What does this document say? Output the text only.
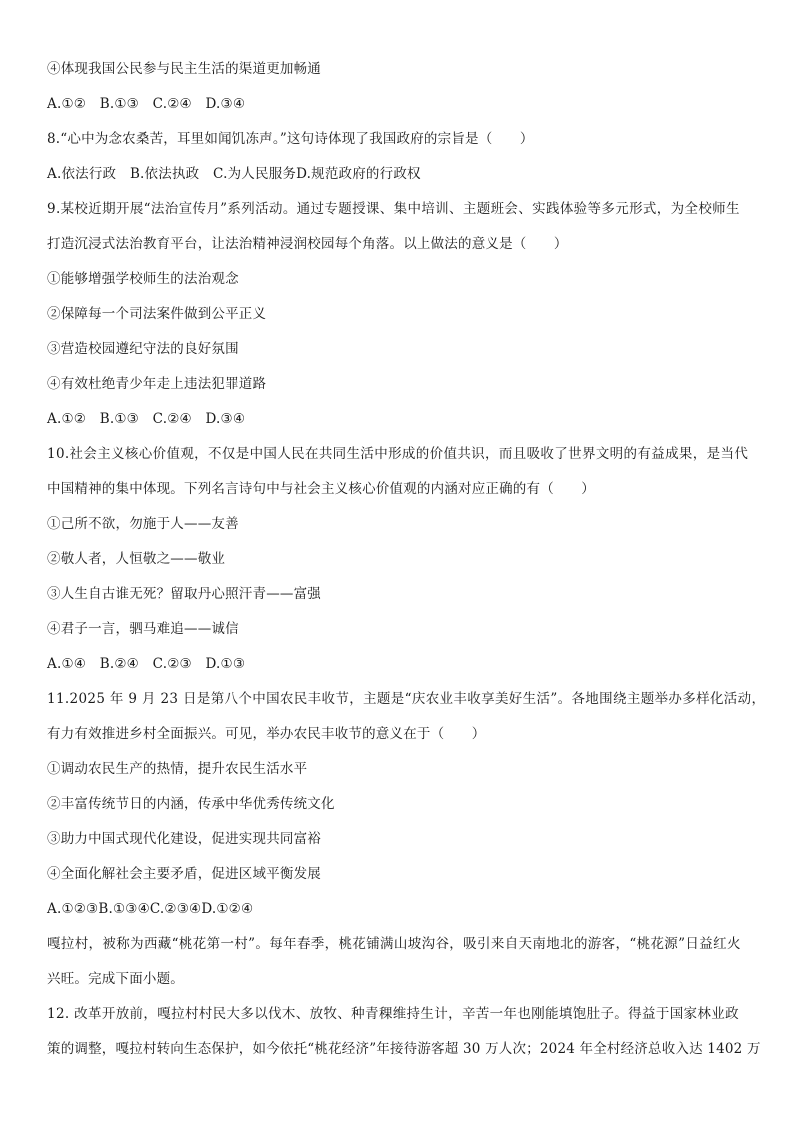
④体现我国公民参与民主生活的渠道更加畅通
A.①②　B.①③　C.②④　D.③④
8.“心中为念农桑苦，耳里如闻饥冻声。”这句诗体现了我国政府的宗旨是（　　）
A.依法行政　B.依法执政　C.为人民服务D.规范政府的行政权
9.某校近期开展“法治宣传月”系列活动。通过专题授课、集中培训、主题班会、实践体验等多元形式，为全校师生
打造沉浸式法治教育平台，让法治精神浸润校园每个角落。以上做法的意义是（　　）
①能够增强学校师生的法治观念
②保障每一个司法案件做到公平正义
③营造校园遵纪守法的良好氛围
④有效杜绝青少年走上违法犯罪道路
A.①②　B.①③　C.②④　D.③④
10.社会主义核心价值观，不仅是中国人民在共同生活中形成的价值共识，而且吸收了世界文明的有益成果，是当代
中国精神的集中体现。下列名言诗句中与社会主义核心价值观的内涵对应正确的有（　　）
①己所不欲，勿施于人——友善
②敬人者，人恒敬之——敬业
③人生自古谁无死？留取丹心照汗青——富强
④君子一言，驷马难追——诚信
A.①④　B.②④　C.②③　D.①③
11.2025 年 9 月 23 日是第八个中国农民丰收节，主题是“庆农业丰收享美好生活”。各地围绕主题举办多样化活动，
有力有效推进乡村全面振兴。可见，举办农民丰收节的意义在于（　　）
①调动农民生产的热情，提升农民生活水平
②丰富传统节日的内涵，传承中华优秀传统文化
③助力中国式现代化建设，促进实现共同富裕
④全面化解社会主要矛盾，促进区域平衡发展
A.①②③B.①③④C.②③④D.①②④
嘎拉村，被称为西藏“桃花第一村”。每年春季，桃花铺满山坡沟谷，吸引来自天南地北的游客，“桃花源”日益红火
兴旺。完成下面小题。
12. 改革开放前，嘎拉村村民大多以伐木、放牧、种青稞维持生计，辛苦一年也刚能填饱肚子。得益于国家林业政
策的调整，嘎拉村转向生态保护，如今依托“桃花经济”年接待游客超 30 万人次；2024 年全村经济总收入达 1402 万
